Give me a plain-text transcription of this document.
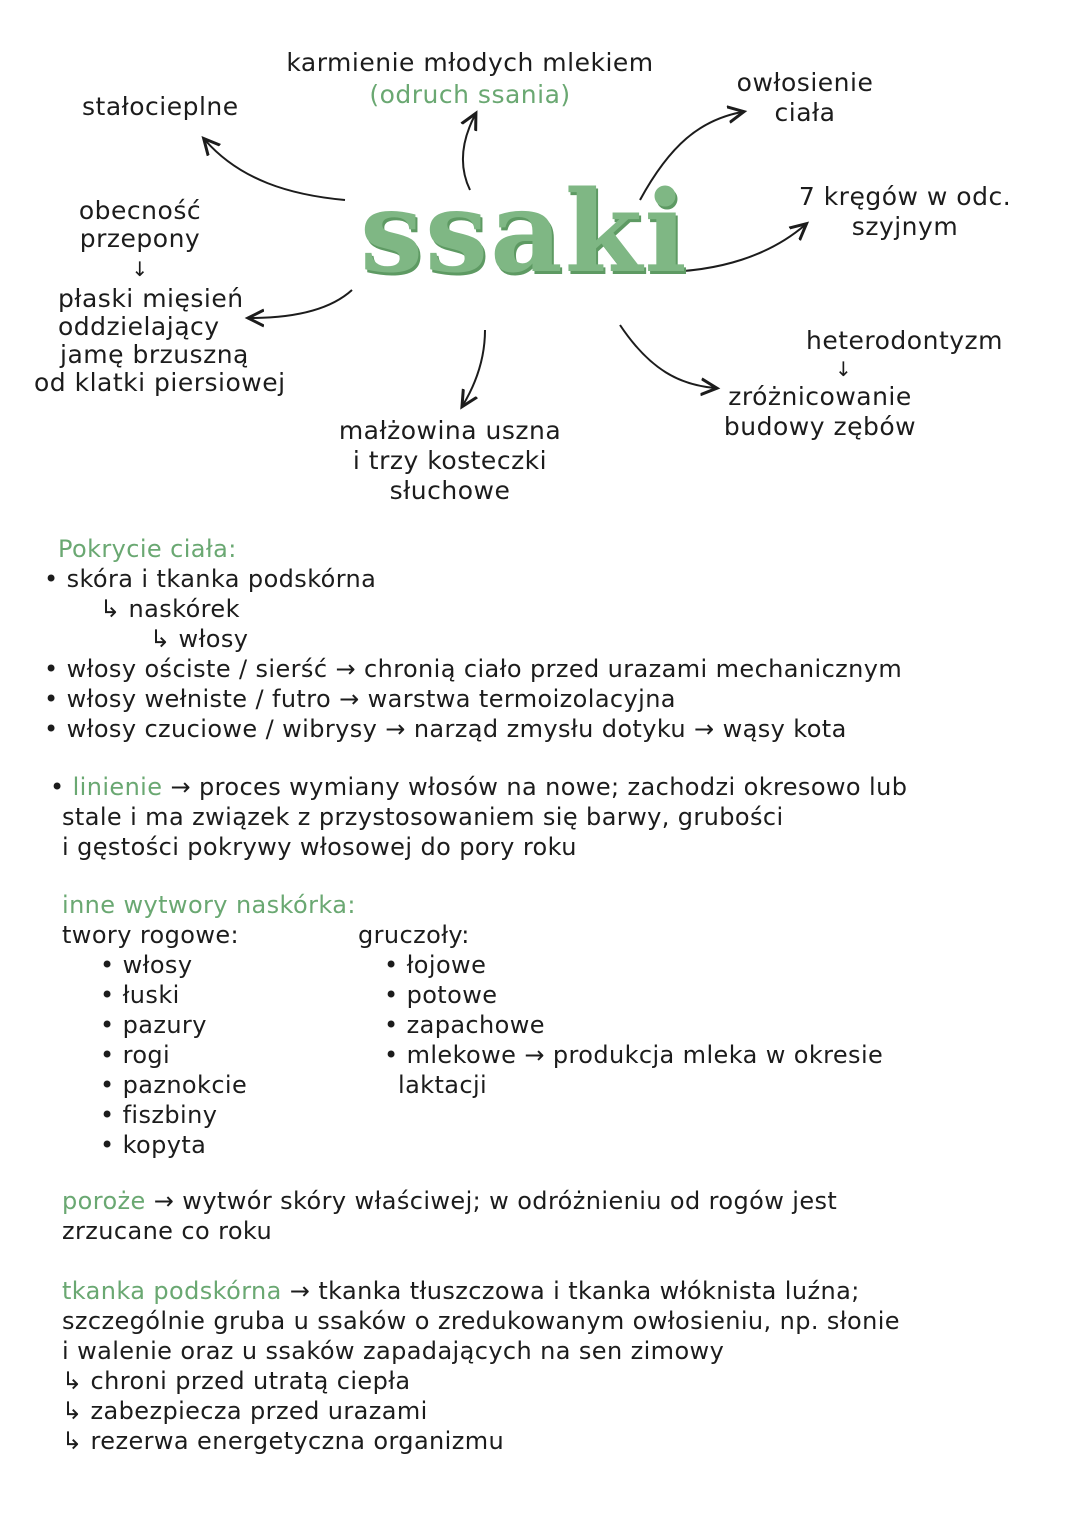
ssaki
stałocieplne
karmienie młodych mlekiem
(odruch ssania)	owłosienie
ciała
obecność
przepony
↓
płaski mięsień
oddzielający
jamę brzuszną
od klatki piersiowej
7 kręgów w odc.
szyjnym
heterodontyzm
↓
zróżnicowanie
budowy zębów
małżowina uszna
i trzy kosteczki
słuchowe
Pokrycie ciała:
• skóra i tkanka podskórna
↳ naskórek
↳ włosy
• włosy ościste / sierść → chronią ciało przed urazami mechanicznym
• włosy wełniste / futro → warstwa termoizolacyjna
• włosy czuciowe / wibrysy → narząd zmysłu dotyku → wąsy kota
• linienie → proces wymiany włosów na nowe; zachodzi okresowo lub
stale i ma związek z przystosowaniem się barwy, grubości
i gęstości pokrywy włosowej do pory roku
inne wytwory naskórka:
twory rogowe:
• włosy
• łuski
• pazury
• rogi
• paznokcie
• fiszbiny
• kopyta
gruczoły:
• łojowe
• potowe
• zapachowe
• mlekowe → produkcja mleka w okresie
laktacji
poroże → wytwór skóry właściwej; w odróżnieniu od rogów jest
zrzucane co roku
tkanka podskórna → tkanka tłuszczowa i tkanka włóknista luźna;
szczególnie gruba u ssaków o zredukowanym owłosieniu, np. słonie
i walenie oraz u ssaków zapadających na sen zimowy
↳ chroni przed utratą ciepła
↳ zabezpiecza przed urazami
↳ rezerwa energetyczna organizmu
